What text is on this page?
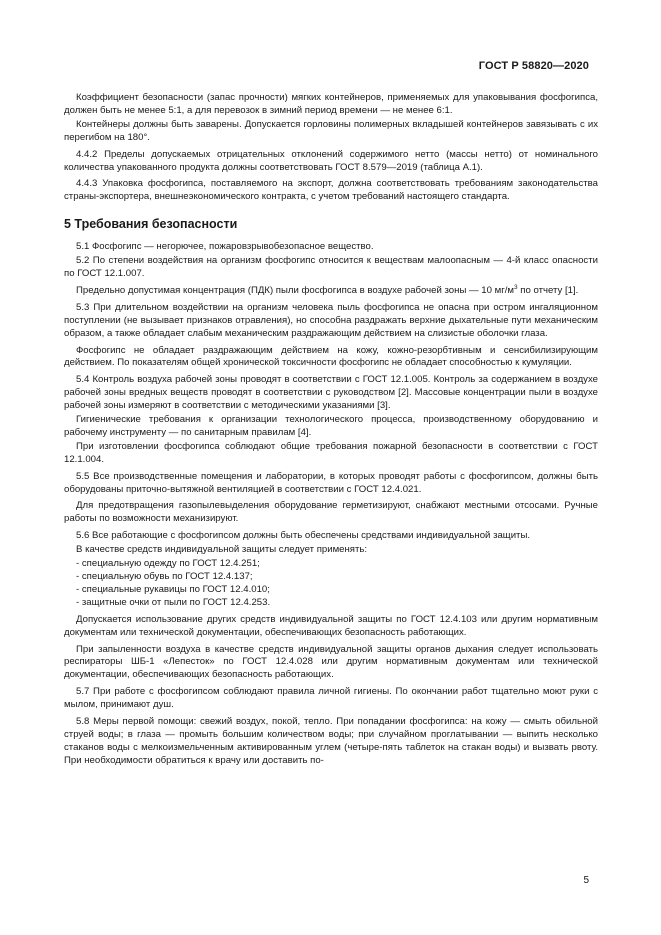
ГОСТ Р 58820—2020

Коэффициент безопасности (запас прочности) мягких контейнеров, применяемых для упаковывания фосфогипса, должен быть не менее 5:1, а для перевозок в зимний период времени — не менее 6:1.

Контейнеры должны быть заварены. Допускается горловины полимерных вкладышей контейнеров завязывать с их перегибом на 180°.

4.4.2 Пределы допускаемых отрицательных отклонений содержимого нетто (массы нетто) от номинального количества упакованного продукта должны соответствовать ГОСТ 8.579—2019 (таблица А.1).

4.4.3 Упаковка фосфогипса, поставляемого на экспорт, должна соответствовать требованиям законодательства страны-экспортера, внешнеэкономического контракта, с учетом требований настоящего стандарта.

5 Требования безопасности

5.1 Фосфогипс — негорючее, пожаровзрывобезопасное вещество.

5.2 По степени воздействия на организм фосфогипс относится к веществам малоопасным — 4-й класс опасности по ГОСТ 12.1.007.

Предельно допустимая концентрация (ПДК) пыли фосфогипса в воздухе рабочей зоны — 10 $мг/м^3$ по отчету [1].

5.3 При длительном воздействии на организм человека пыль фосфогипса не опасна при остром ингаляционном поступлении (не вызывает признаков отравления), но способна раздражать верхние дыхательные пути механическим образом, а также обладает слабым механическим раздражающим действием на слизистые оболочки глаза.

Фосфогипс не обладает раздражающим действием на кожу, кожно-резорбтивным и сенсибилизирующим действием. По показателям общей хронической токсичности фосфогипс не обладает способностью к кумуляции.

5.4 Контроль воздуха рабочей зоны проводят в соответствии с ГОСТ 12.1.005. Контроль за содержанием в воздухе рабочей зоны вредных веществ проводят в соответствии с руководством [2]. Массовые концентрации пыли в воздухе рабочей зоны измеряют в соответствии с методическими указаниями [3].

Гигиенические требования к организации технологического процесса, производственному оборудованию и рабочему инструменту — по санитарным правилам [4].

При изготовлении фосфогипса соблюдают общие требования пожарной безопасности в соответствии с ГОСТ 12.1.004.

5.5 Все производственные помещения и лаборатории, в которых проводят работы с фосфогипсом, должны быть оборудованы приточно-вытяжной вентиляцией в соответствии с ГОСТ 12.4.021.

Для предотвращения газопылевыделения оборудование герметизируют, снабжают местными отсосами. Ручные работы по возможности механизируют.

5.6 Все работающие с фосфогипсом должны быть обеспечены средствами индивидуальной защиты.

В качестве средств индивидуальной защиты следует применять:

- специальную одежду по ГОСТ 12.4.251;

- специальную обувь по ГОСТ 12.4.137;

- специальные рукавицы по ГОСТ 12.4.010;

- защитные очки от пыли по ГОСТ 12.4.253.

Допускается использование других средств индивидуальной защиты по ГОСТ 12.4.103 или другим нормативным документам или технической документации, обеспечивающих безопасность работающих.

При запыленности воздуха в качестве средств индивидуальной защиты органов дыхания следует использовать респираторы ШБ-1 «Лепесток» по ГОСТ 12.4.028 или другим нормативным документам или технической документации, обеспечивающих безопасность работающих.

5.7 При работе с фосфогипсом соблюдают правила личной гигиены. По окончании работ тщательно моют руки с мылом, принимают душ.

5.8 Меры первой помощи: свежий воздух, покой, тепло. При попадании фосфогипса: на кожу — смыть обильной струей воды; в глаза — промыть большим количеством воды; при случайном проглатывании — выпить несколько стаканов воды с мелкоизмельченным активированным углем (четыре-пять таблеток на стакан воды) и вызвать рвоту. При необходимости обратиться к врачу или доставить по-

5
